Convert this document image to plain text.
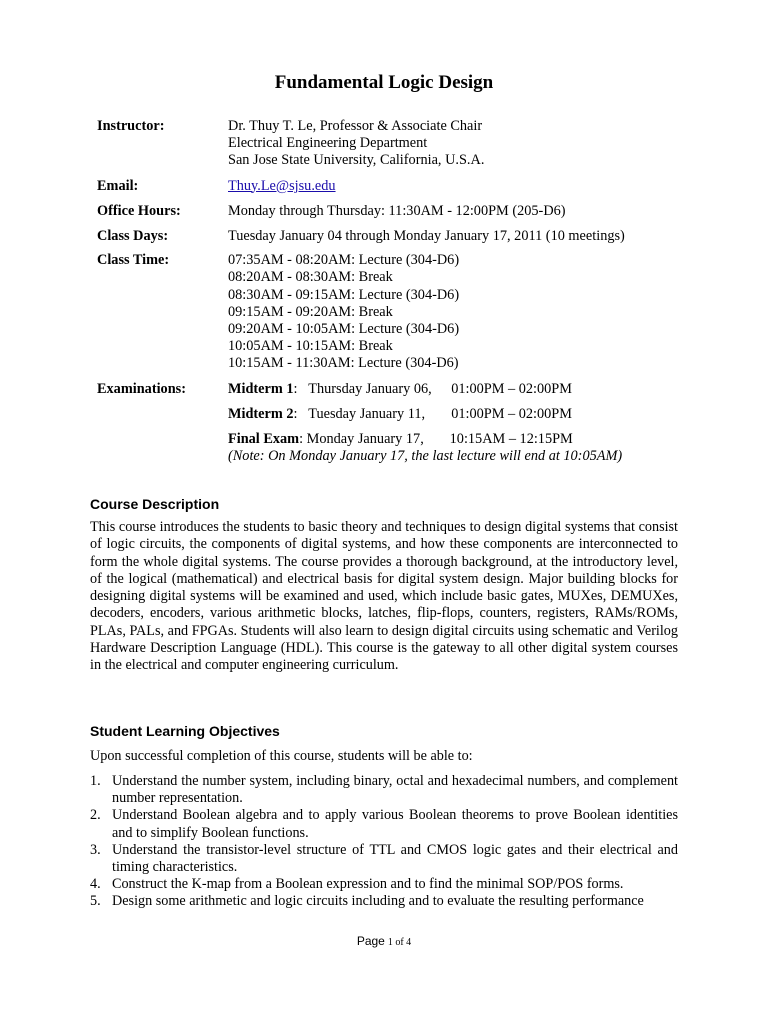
Fundamental Logic Design
Instructor:	Dr. Thuy T. Le, Professor & Associate Chair
Electrical Engineering Department
San Jose State University, California, U.S.A.
Email:	Thuy.Le@sjsu.edu
Office Hours:	Monday through Thursday: 11:30AM - 12:00PM (205-D6)
Class Days:	Tuesday January 04 through Monday January 17, 2011 (10 meetings)
Class Time:	07:35AM - 08:20AM: Lecture (304-D6)
08:20AM - 08:30AM: Break
08:30AM - 09:15AM: Lecture (304-D6)
09:15AM - 09:20AM: Break
09:20AM - 10:05AM: Lecture (304-D6)
10:05AM - 10:15AM: Break
10:15AM - 11:30AM: Lecture (304-D6)
Examinations:	Midterm 1:   Thursday January 06, 01:00PM – 02:00PM
Midterm 2:   Tuesday January 11, 01:00PM – 02:00PM
Final Exam: Monday January 17, 10:15AM – 12:15PM
(Note: On Monday January 17, the last lecture will end at 10:05AM)
Course Description

This course introduces the students to basic theory and techniques to design digital systems that consist of logic circuits, the components of digital systems, and how these components are interconnected to form the whole digital systems. The course provides a thorough background, at the introductory level, of the logical (mathematical) and electrical basis for digital system design. Major building blocks for designing digital systems will be examined and used, which include basic gates, MUXes, DEMUXes, decoders, encoders, various arithmetic blocks, latches, flip-flops, counters, registers, RAMs/ROMs, PLAs, PALs, and FPGAs. Students will also learn to design digital circuits using schematic and Verilog Hardware Description Language (HDL). This course is the gateway to all other digital system courses in the electrical and computer engineering curriculum.

Student Learning Objectives

Upon successful completion of this course, students will be able to:

1. Understand the number system, including binary, octal and hexadecimal numbers, and complement number representation.
2. Understand Boolean algebra and to apply various Boolean theorems to prove Boolean identities and to simplify Boolean functions.
3. Understand the transistor-level structure of TTL and CMOS logic gates and their electrical and timing characteristics.
4. Construct the K-map from a Boolean expression and to find the minimal SOP/POS forms.
5. Design some arithmetic and logic circuits including and to evaluate the resulting performance
Page 1 of 4
